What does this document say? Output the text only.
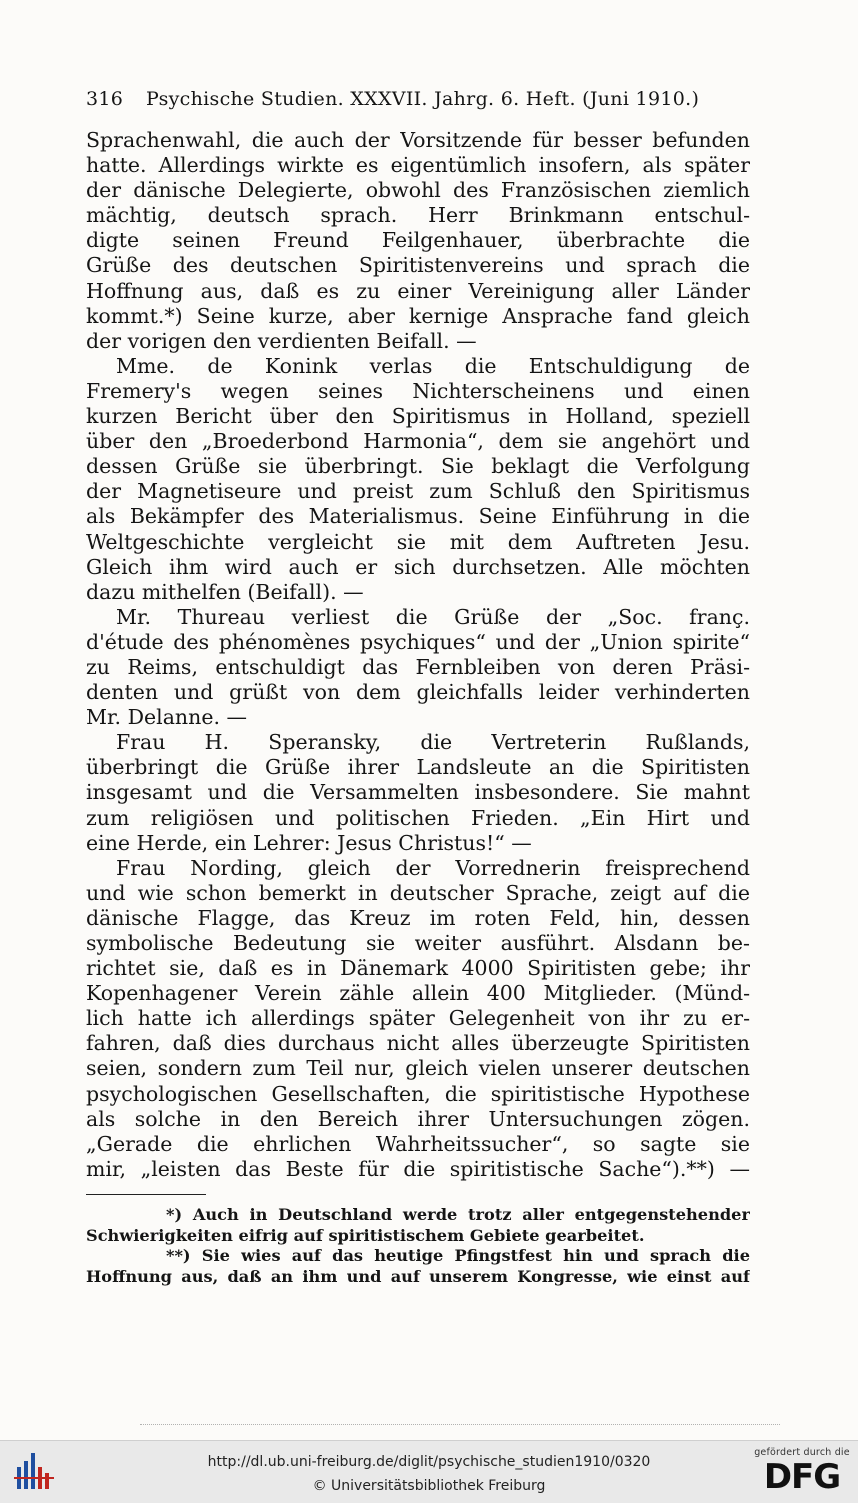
316	Psychische Studien. XXXVII. Jahrg. 6. Heft. (Juni 1910.)
Sprachenwahl, die auch der Vorsitzende für besser befunden
hatte. Allerdings wirkte es eigentümlich insofern, als später
der dänische Delegierte, obwohl des Französischen ziemlich
mächtig, deutsch sprach. Herr Brinkmann entschul-
digte seinen Freund Feilgenhauer, überbrachte die
Grüße des deutschen Spiritistenvereins und sprach die
Hoffnung aus, daß es zu einer Vereinigung aller Länder
kommt.*) Seine kurze, aber kernige Ansprache fand gleich
der vorigen den verdienten Beifall. —
Mme. de Konink verlas die Entschuldigung de
Fremery's wegen seines Nichterscheinens und einen
kurzen Bericht über den Spiritismus in Holland, speziell
über den „Broederbond Harmonia“, dem sie angehört und
dessen Grüße sie überbringt. Sie beklagt die Verfolgung
der Magnetiseure und preist zum Schluß den Spiritismus
als Bekämpfer des Materialismus. Seine Einführung in die
Weltgeschichte vergleicht sie mit dem Auftreten Jesu.
Gleich ihm wird auch er sich durchsetzen. Alle möchten
dazu mithelfen (Beifall). —
Mr. Thureau verliest die Grüße der „Soc. franç.
d'étude des phénomènes psychiques“ und der „Union spirite“
zu Reims, entschuldigt das Fernbleiben von deren Präsi-
denten und grüßt von dem gleichfalls leider verhinderten
Mr. Delanne. —
Frau H. Speransky, die Vertreterin Rußlands,
überbringt die Grüße ihrer Landsleute an die Spiritisten
insgesamt und die Versammelten insbesondere. Sie mahnt
zum religiösen und politischen Frieden. „Ein Hirt und
eine Herde, ein Lehrer: Jesus Christus!“ —
Frau Nording, gleich der Vorrednerin freisprechend
und wie schon bemerkt in deutscher Sprache, zeigt auf die
dänische Flagge, das Kreuz im roten Feld, hin, dessen
symbolische Bedeutung sie weiter ausführt. Alsdann be-
richtet sie, daß es in Dänemark 4000 Spiritisten gebe; ihr
Kopenhagener Verein zähle allein 400 Mitglieder. (Münd-
lich hatte ich allerdings später Gelegenheit von ihr zu er-
fahren, daß dies durchaus nicht alles überzeugte Spiritisten
seien, sondern zum Teil nur, gleich vielen unserer deutschen
psychologischen Gesellschaften, die spiritistische Hypothese
als solche in den Bereich ihrer Untersuchungen zögen.
„Gerade die ehrlichen Wahrheitssucher“, so sagte sie
mir, „leisten das Beste für die spiritistische Sache“).**) —
*) Auch in Deutschland werde trotz aller entgegenstehender
Schwierigkeiten eifrig auf spiritistischem Gebiete gearbeitet.
**) Sie wies auf das heutige Pfingstfest hin und sprach die
Hoffnung aus, daß an ihm und auf unserem Kongresse, wie einst auf
http://dl.ub.uni-freiburg.de/diglit/psychische_studien1910/0320
© Universitätsbibliothek Freiburg
gefördert durch die
DFG
